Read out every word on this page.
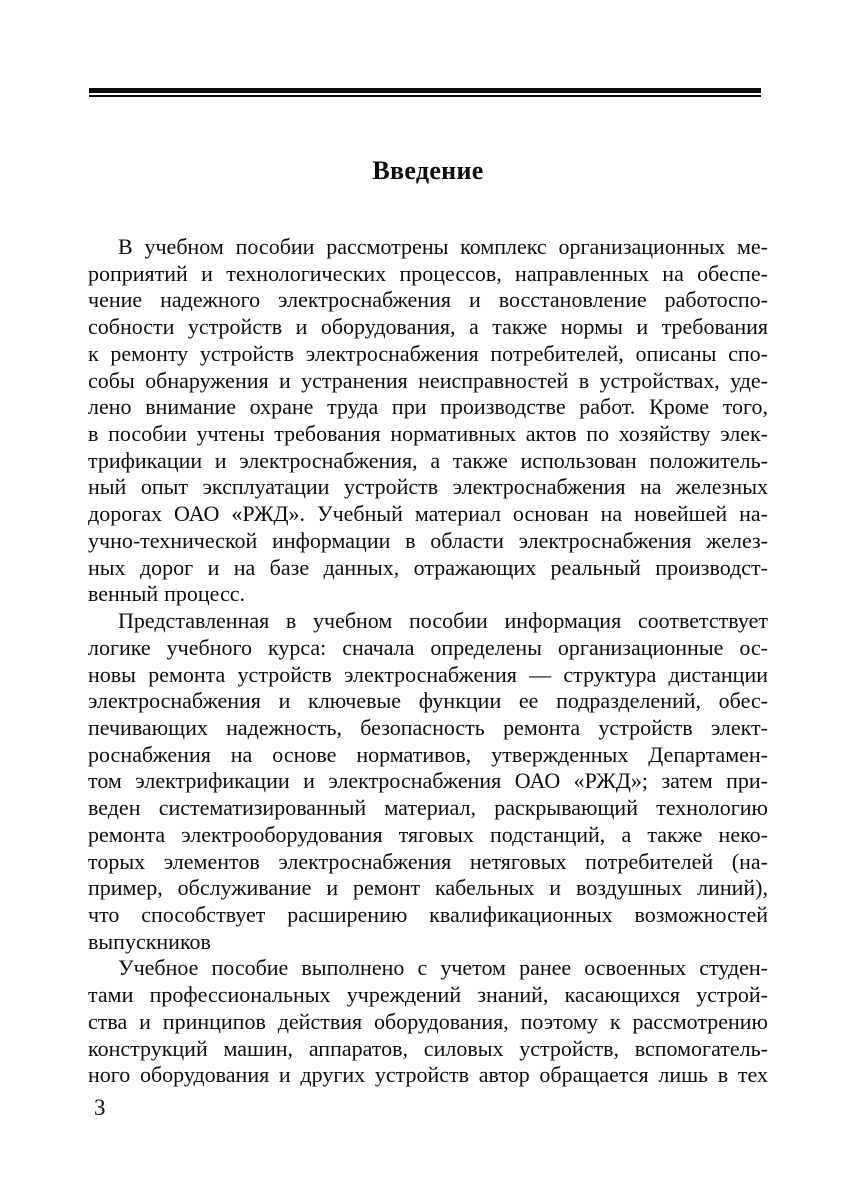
Введение
В учебном пособии рассмотрены комплекс организационных ме-
роприятий и технологических процессов, направленных на обеспе-
чение надежного электроснабжения и восстановление работоспо-
собности устройств и оборудования, а также нормы и требования
к ремонту устройств электроснабжения потребителей, описаны спо-
собы обнаружения и устранения неисправностей в устройствах, уде-
лено внимание охране труда при производстве работ. Кроме того,
в пособии учтены требования нормативных актов по хозяйству элек-
трификации и электроснабжения, а также использован положитель-
ный опыт эксплуатации устройств электроснабжения на железных
дорогах ОАО «РЖД». Учебный материал основан на новейшей на-
учно-технической информации в области электроснабжения желез-
ных дорог и на базе данных, отражающих реальный производст-
венный процесс.
Представленная в учебном пособии информация соответствует
логике учебного курса: сначала определены организационные ос-
новы ремонта устройств электроснабжения — структура дистанции
электроснабжения и ключевые функции ее подразделений, обес-
печивающих надежность, безопасность ремонта устройств элект-
роснабжения на основе нормативов, утвержденных Департамен-
том электрификации и электроснабжения ОАО «РЖД»; затем при-
веден систематизированный материал, раскрывающий технологию
ремонта электрооборудования тяговых подстанций, а также неко-
торых элементов электроснабжения нетяговых потребителей (на-
пример, обслуживание и ремонт кабельных и воздушных линий),
что способствует расширению квалификационных возможностей
выпускников
Учебное пособие выполнено с учетом ранее освоенных студен-
тами профессиональных учреждений знаний, касающихся устрой-
ства и принципов действия оборудования, поэтому к рассмотрению
конструкций машин, аппаратов, силовых устройств, вспомогатель-
ного оборудования и других устройств автор обращается лишь в тех
3
